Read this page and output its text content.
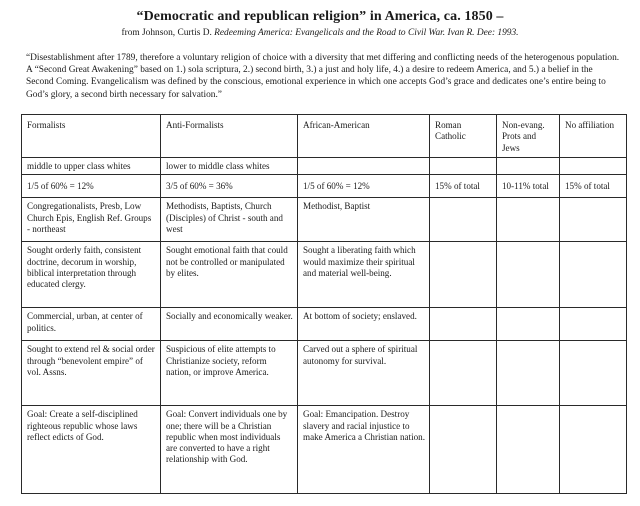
“Democratic and republican religion” in America, ca. 1850 –
from Johnson, Curtis D. Redeeming America: Evangelicals and the Road to Civil War. Ivan R. Dee: 1993.
“Disestablishment after 1789, therefore a voluntary religion of choice with a diversity that met differing and conflicting needs of the heterogenous population. A “Second Great Awakening” based on 1.) sola scriptura, 2.) second birth, 3.) a just and holy life, 4.) a desire to redeem America, and 5.) a belief in the Second Coming. Evangelicalism was defined by the conscious, emotional experience in which one accepts God’s grace and dedicates one’s entire being to God’s glory, a second birth necessary for salvation.”
Formalists	Anti-Formalists	African-American	Roman Catholic	Non-evang. Prots and Jews	No affiliation
middle to upper class whites	lower to middle class whites				
1/5 of 60% = 12%	3/5 of 60% = 36%	1/5 of 60% = 12%	15% of total	10-11% total	15% of total
Congregationalists, Presb, Low Church Epis, English Ref. Groups - northeast	Methodists, Baptists, Church (Disciples) of Christ - south and west	Methodist, Baptist			
Sought orderly faith, consistent doctrine, decorum in worship, biblical interpretation through educated clergy.	Sought emotional faith that could not be controlled or manipulated by elites.	Sought a liberating faith which would maximize their spiritual and material well-being.			
Commercial, urban, at center of politics.	Socially and economically weaker.	At bottom of society; enslaved.			
Sought to extend rel & social order through “benevolent empire” of vol. Assns.	Suspicious of elite attempts to Christianize society, reform nation, or improve America.	Carved out a sphere of spiritual autonomy for survival.			
Goal: Create a self-disciplined righteous republic whose laws reflect edicts of God.	Goal: Convert individuals one by one; there will be a Christian republic when most individuals are converted to have a right relationship with God.	Goal: Emancipation. Destroy slavery and racial injustice to make America a Christian nation.			
